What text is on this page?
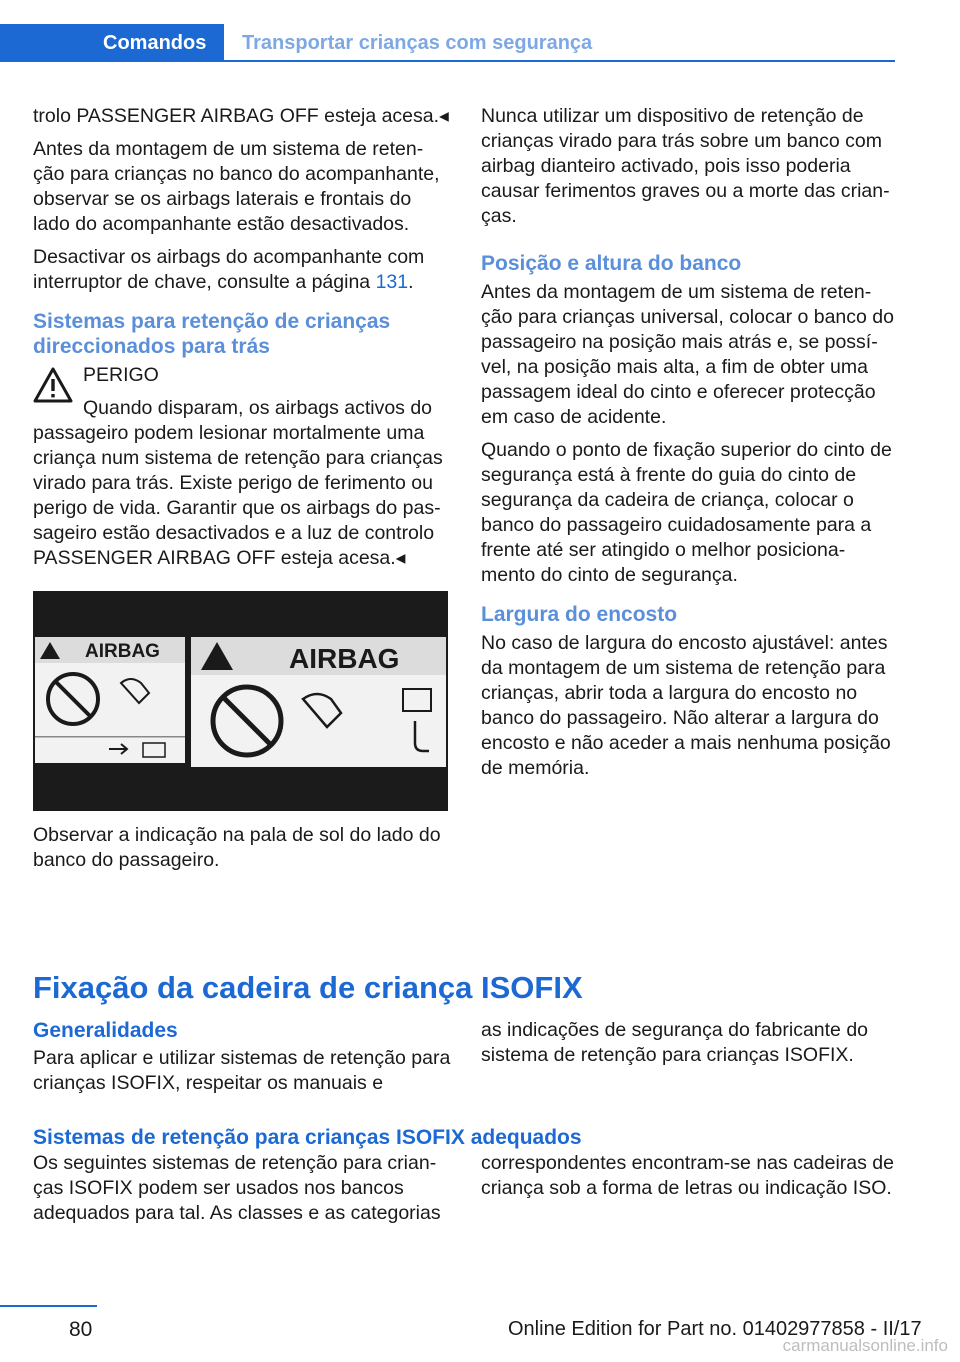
Comandos	Transportar crianças com segurança

trolo PASSENGER AIRBAG OFF esteja acesa.◂

Antes da montagem de um sistema de reten‐ção para crianças no banco do acompanhante, observar se os airbags laterais e frontais do lado do acompanhante estão desactivados.

Desactivar os airbags do acompanhante com interruptor de chave, consulte a página 131.

Sistemas para retenção de crianças direccionados para trás
PERIGO
Quando disparam, os airbags activos do
passageiro podem lesionar mortalmente uma criança num sistema de retenção para crianças virado para trás. Existe perigo de ferimento ou perigo de vida. Garantir que os airbags do pas‐sageiro estão desactivados e a luz de controlo PASSENGER AIRBAG OFF esteja acesa.◂
AIRBAG	AIRBAG

Observar a indicação na pala de sol do lado do banco do passageiro.

Nunca utilizar um dispositivo de retenção de crianças virado para trás sobre um banco com airbag dianteiro activado, pois isso poderia causar ferimentos graves ou a morte das crian‐ças.

Posição e altura do banco

Antes da montagem de um sistema de reten‐ção para crianças universal, colocar o banco do passageiro na posição mais atrás e, se possí‐vel, na posição mais alta, a fim de obter uma passagem ideal do cinto e oferecer protecção em caso de acidente.

Quando o ponto de fixação superior do cinto de segurança está à frente do guia do cinto de segurança da cadeira de criança, colocar o banco do passageiro cuidadosamente para a frente até ser atingido o melhor posiciona‐mento do cinto de segurança.

Largura do encosto

No caso de largura do encosto ajustável: antes da montagem de um sistema de retenção para crianças, abrir toda a largura do encosto no banco do passageiro. Não alterar a largura do encosto e não aceder a mais nenhuma posição de memória.

Fixação da cadeira de criança ISOFIX
Generalidades
Para aplicar e utilizar sistemas de retenção para crianças ISOFIX, respeitar os manuais e
as indicações de segurança do fabricante do sistema de retenção para crianças ISOFIX.
Sistemas de retenção para crianças ISOFIX adequados
Os seguintes sistemas de retenção para crian‐ças ISOFIX podem ser usados nos bancos adequados para tal. As classes e as categorias
correspondentes encontram-se nas cadeiras de criança sob a forma de letras ou indicação ISO.
80	Online Edition for Part no. 01402977858 - II/17
carmanualsonline.info
